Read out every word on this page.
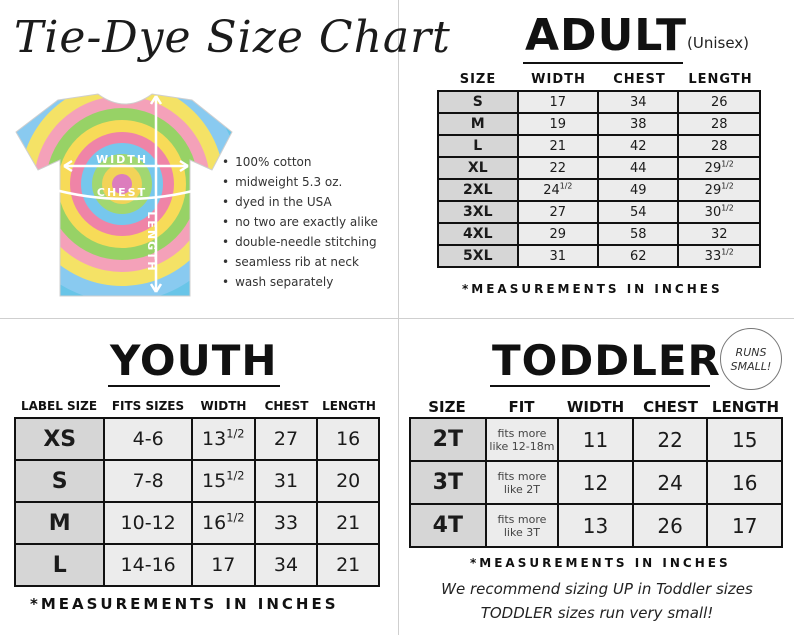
Tie-Dye Size Chart
WIDTH
CHEST
LENGTH
• 100% cotton
• midweight 5.3 oz.
• dyed in the USA
• no two are exactly alike
• double-needle stitching
• seamless rib at neck
• wash separately
ADULT (Unisex)
SIZE	WIDTH	CHEST	LENGTH
S	17	34	26
M	19	38	28
L	21	42	28
XL	22	44	$29^{1/2}$
2XL	$24^{1/2}$	49	$29^{1/2}$
3XL	27	54	$30^{1/2}$
4XL	29	58	32
5XL	31	62	$33^{1/2}$
*MEASUREMENTS IN INCHES
YOUTH
LABEL SIZE	FITS SIZES	WIDTH	CHEST	LENGTH
XS	4-6	$13^{1/2}$	27	16
S	7-8	$15^{1/2}$	31	20
M	10-12	$16^{1/2}$	33	21
L	14-16	17	34	21
*MEASUREMENTS IN INCHES
TODDLER	RUNS
SMALL!
SIZE	FIT	WIDTH	CHEST LENGTH
2T	fits more
like 12-18m	11	22	15
3T	fits more
like 2T	12	24	16
4T	fits more
like 3T	13	26	17
*MEASUREMENTS IN INCHES
We recommend sizing UP in Toddler sizes
TODDLER sizes run very small!
